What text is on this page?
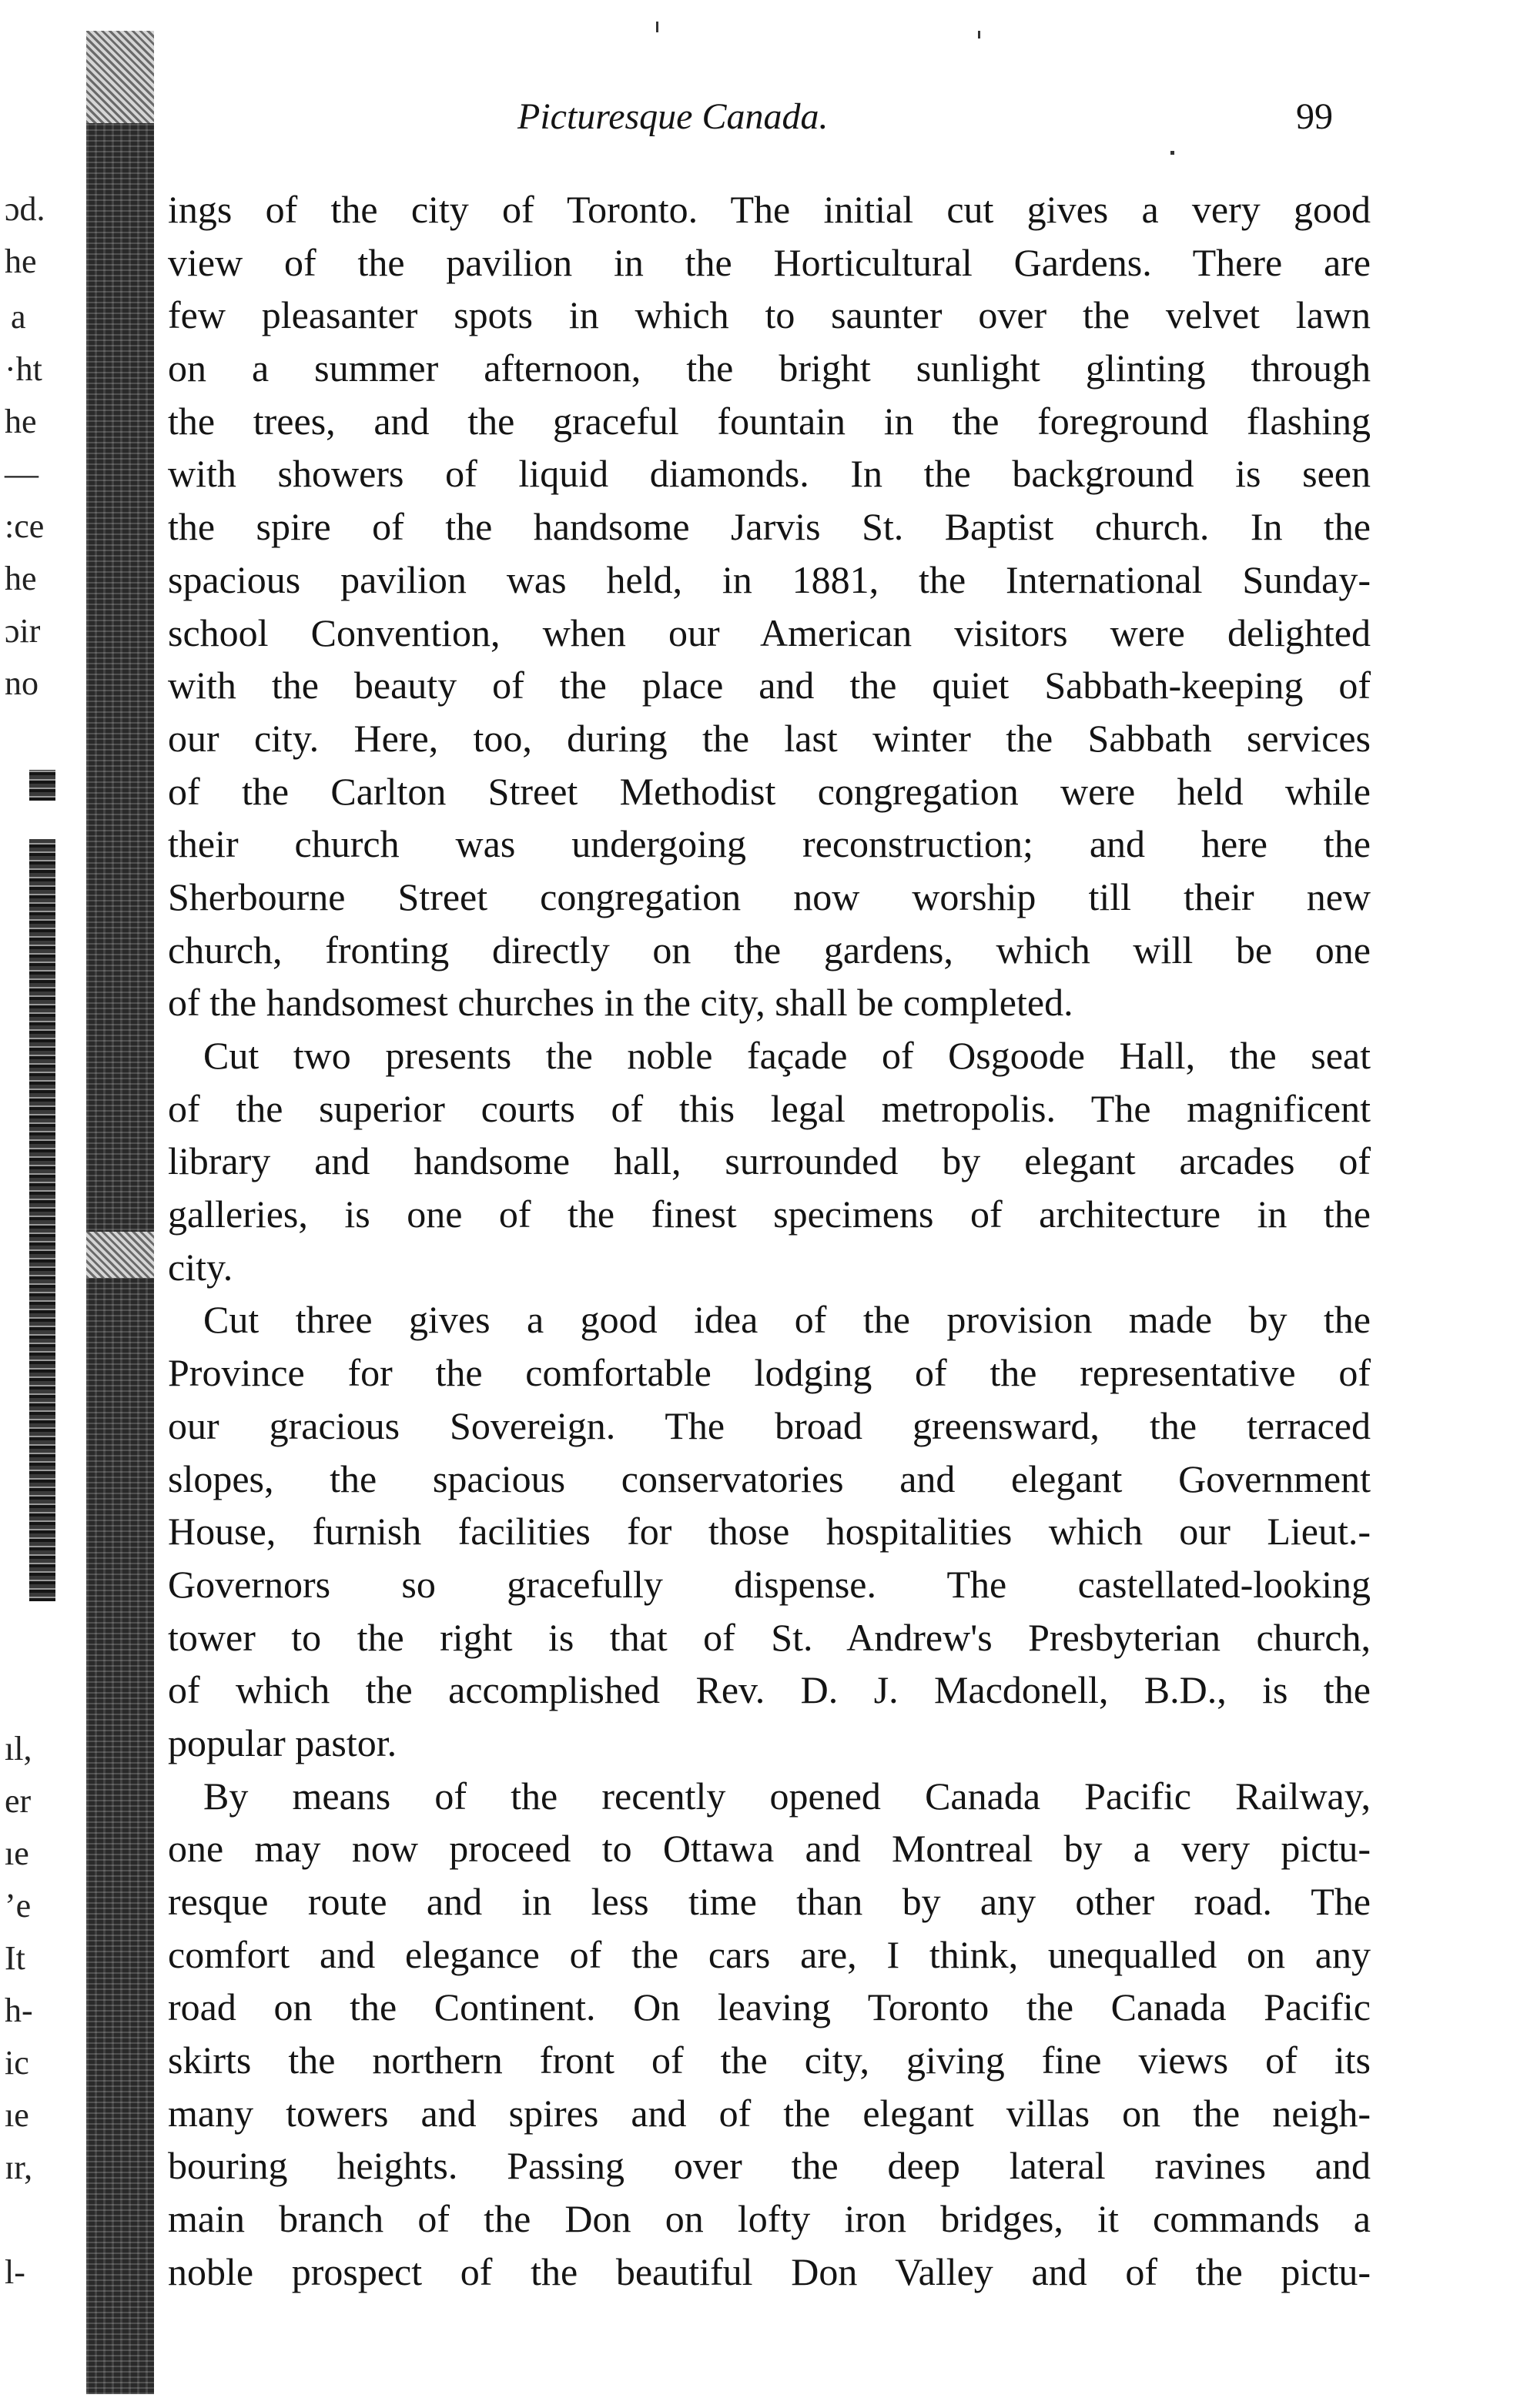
ɔd.
he
a
·ht
he
—
:ce
he
ɔir
no
ıl,
er
ıe
ʼe
It
h-
ic
ıe
ɪr,
l-
Picturesque Canada.	99
ings of the city of Toronto. The initial cut gives a very good
view of the pavilion in the Horticultural Gardens. There are
few pleasanter spots in which to saunter over the velvet lawn
on a summer afternoon, the bright sunlight glinting through
the trees, and the graceful fountain in the foreground flashing
with showers of liquid diamonds. In the background is seen
the spire of the handsome Jarvis St. Baptist church. In the
spacious pavilion was held, in 1881, the International Sunday-
school Convention, when our American visitors were delighted
with the beauty of the place and the quiet Sabbath-keeping of
our city. Here, too, during the last winter the Sabbath services
of the Carlton Street Methodist congregation were held while
their church was undergoing reconstruction; and here the
Sherbourne Street congregation now worship till their new
church, fronting directly on the gardens, which will be one
of the handsomest churches in the city, shall be completed.
Cut two presents the noble façade of Osgoode Hall, the seat
of the superior courts of this legal metropolis. The magnificent
library and handsome hall, surrounded by elegant arcades of
galleries, is one of the finest specimens of architecture in the
city.
Cut three gives a good idea of the provision made by the
Province for the comfortable lodging of the representative of
our gracious Sovereign. The broad greensward, the terraced
slopes, the spacious conservatories and elegant Government
House, furnish facilities for those hospitalities which our Lieut.-
Governors so gracefully dispense. The castellated-looking
tower to the right is that of St. Andrew's Presbyterian church,
of which the accomplished Rev. D. J. Macdonell, B.D., is the
popular pastor.
By means of the recently opened Canada Pacific Railway,
one may now proceed to Ottawa and Montreal by a very pictu-
resque route and in less time than by any other road. The
comfort and elegance of the cars are, I think, unequalled on any
road on the Continent. On leaving Toronto the Canada Pacific
skirts the northern front of the city, giving fine views of its
many towers and spires and of the elegant villas on the neigh-
bouring heights. Passing over the deep lateral ravines and
main branch of the Don on lofty iron bridges, it commands a
noble prospect of the beautiful Don Valley and of the pictu-
